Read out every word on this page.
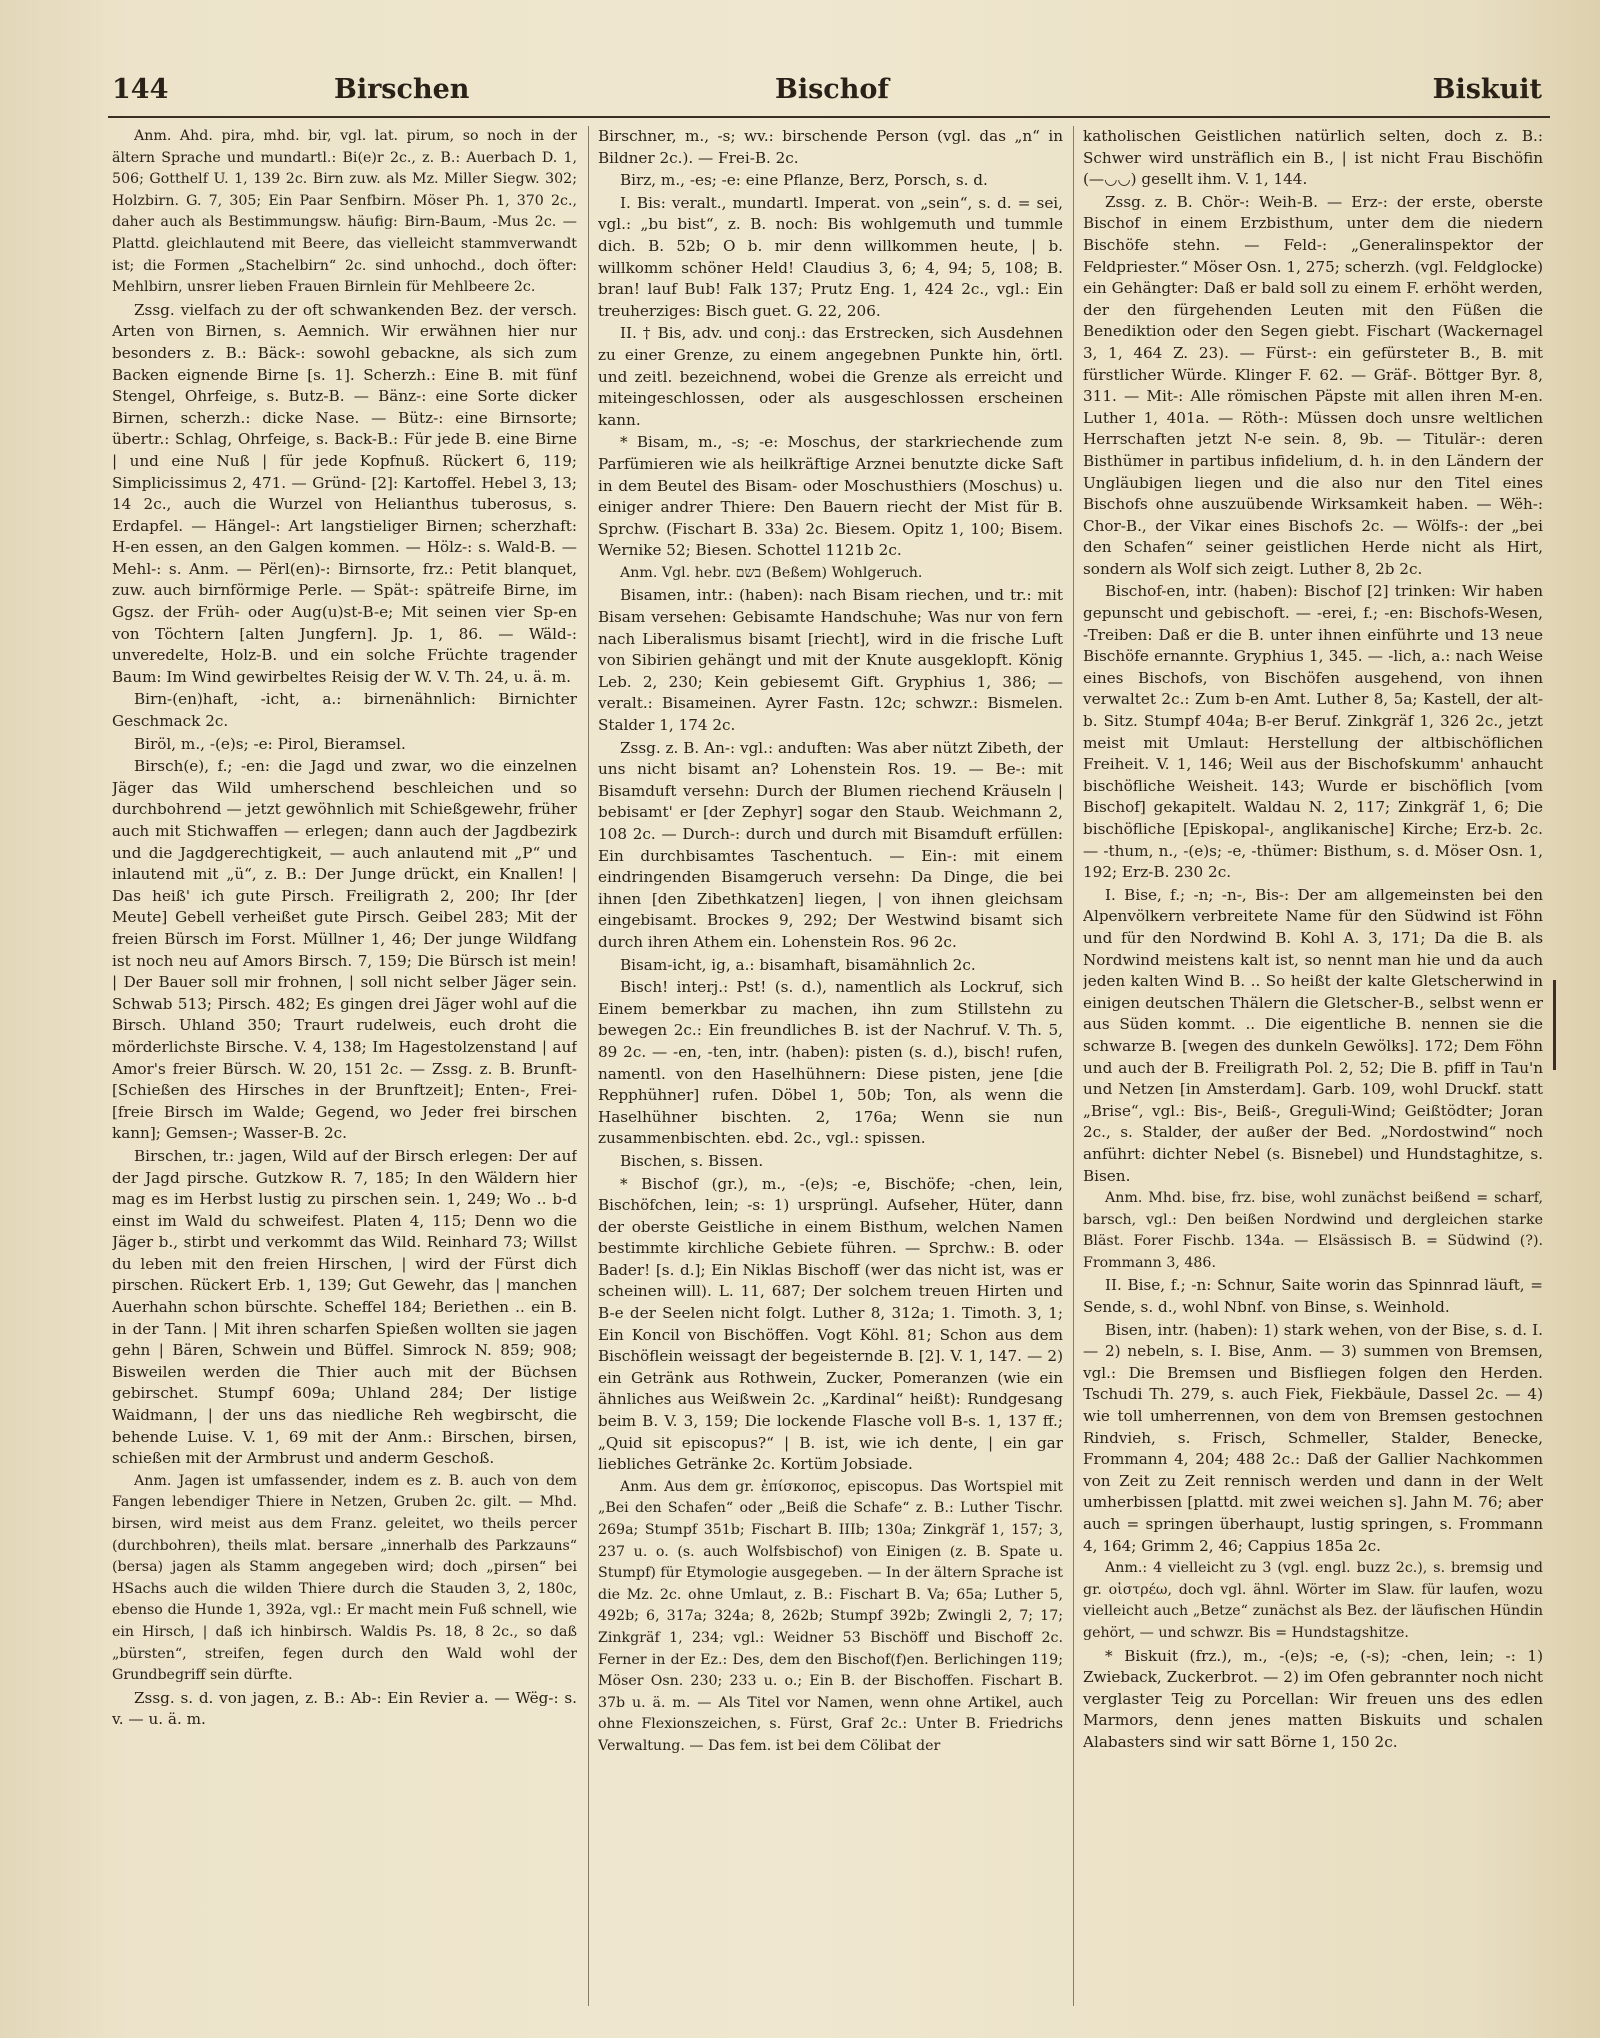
144	Birschen	Bischof	Biskuit

Anm. Ahd. pira, mhd. bir, vgl. lat. pirum, so noch in der ältern Sprache und mundartl.: Bi(e)r 2c., z. B.: Auerbach D. 1, 506; Gotthelf U. 1, 139 2c. Birn zuw. als Mz. Miller Siegw. 302; Holzbirn. G. 7, 305; Ein Paar Senfbirn. Möser Ph. 1, 370 2c., daher auch als Bestimmungsw. häufig: Birn-Baum, -Mus 2c. — Plattd. gleichlautend mit Beere, das vielleicht stammverwandt ist; die Formen „Stachelbirn“ 2c. sind unhochd., doch öfter: Mehlbirn, unsrer lieben Frauen Birnlein für Mehlbeere 2c.

Zssg. vielfach zu der oft schwankenden Bez. der versch. Arten von Birnen, s. Aemnich. Wir erwähnen hier nur besonders z. B.: Bäck-: sowohl gebackne, als sich zum Backen eignende Birne [s. 1]. Scherzh.: Eine B. mit fünf Stengel, Ohrfeige, s. Butz-B. — Bänz-: eine Sorte dicker Birnen, scherzh.: dicke Nase. — Bütz-: eine Birnsorte; übertr.: Schlag, Ohrfeige, s. Back-B.: Für jede B. eine Birne | und eine Nuß | für jede Kopfnuß. Rückert 6, 119; Simplicissimus 2, 471. — Gründ- [2]: Kartoffel. Hebel 3, 13; 14 2c., auch die Wurzel von Helianthus tuberosus, s. Erdapfel. — Hängel-: Art langstieliger Birnen; scherzhaft: H-en essen, an den Galgen kommen. — Hölz-: s. Wald-B. — Mehl-: s. Anm. — Përl(en)-: Birnsorte, frz.: Petit blanquet, zuw. auch birnförmige Perle. — Spät-: spätreife Birne, im Ggsz. der Früh- oder Aug(u)st-B-e; Mit seinen vier Sp-en von Töchtern [alten Jungfern]. Jp. 1, 86. — Wäld-: unveredelte, Holz-B. und ein solche Früchte tragender Baum: Im Wind gewirbeltes Reisig der W. V. Th. 24, u. ä. m.

Birn-(en)haft, -icht, a.: birnenähnlich: Birnichter Geschmack 2c.

Biröl, m., -(e)s; -e: Pirol, Bieramsel.

Birsch(e), f.; -en: die Jagd und zwar, wo die einzelnen Jäger das Wild umherschend beschleichen und so durchbohrend — jetzt gewöhnlich mit Schießgewehr, früher auch mit Stichwaffen — erlegen; dann auch der Jagdbezirk und die Jagdgerechtigkeit, — auch anlautend mit „P“ und inlautend mit „ü“, z. B.: Der Junge drückt, ein Knallen! | Das heiß' ich gute Pirsch. Freiligrath 2, 200; Ihr [der Meute] Gebell verheißet gute Pirsch. Geibel 283; Mit der freien Bürsch im Forst. Müllner 1, 46; Der junge Wildfang ist noch neu auf Amors Birsch. 7, 159; Die Bürsch ist mein! | Der Bauer soll mir frohnen, | soll nicht selber Jäger sein. Schwab 513; Pirsch. 482; Es gingen drei Jäger wohl auf die Birsch. Uhland 350; Traurt rudelweis, euch droht die mörderlichste Birsche. V. 4, 138; Im Hagestolzenstand | auf Amor's freier Bürsch. W. 20, 151 2c. — Zssg. z. B. Brunft- [Schießen des Hirsches in der Brunftzeit]; Enten-, Frei- [freie Birsch im Walde; Gegend, wo Jeder frei birschen kann]; Gemsen-; Wasser-B. 2c.

Birschen, tr.: jagen, Wild auf der Birsch erlegen: Der auf der Jagd pirsche. Gutzkow R. 7, 185; In den Wäldern hier mag es im Herbst lustig zu pirschen sein. 1, 249; Wo .. b-d einst im Wald du schweifest. Platen 4, 115; Denn wo die Jäger b., stirbt und verkommt das Wild. Reinhard 73; Willst du leben mit den freien Hirschen, | wird der Fürst dich pirschen. Rückert Erb. 1, 139; Gut Gewehr, das | manchen Auerhahn schon bürschte. Scheffel 184; Beriethen .. ein B. in der Tann. | Mit ihren scharfen Spießen wollten sie jagen gehn | Bären, Schwein und Büffel. Simrock N. 859; 908; Bisweilen werden die Thier auch mit der Büchsen gebirschet. Stumpf 609a; Uhland 284; Der listige Waidmann, | der uns das niedliche Reh wegbirscht, die behende Luise. V. 1, 69 mit der Anm.: Birschen, birsen, schießen mit der Armbrust und anderm Geschoß.

Anm. Jagen ist umfassender, indem es z. B. auch von dem Fangen lebendiger Thiere in Netzen, Gruben 2c. gilt. — Mhd. birsen, wird meist aus dem Franz. geleitet, wo theils percer (durchbohren), theils mlat. bersare „innerhalb des Parkzauns“ (bersa) jagen als Stamm angegeben wird; doch „pirsen“ bei HSachs auch die wilden Thiere durch die Stauden 3, 2, 180c, ebenso die Hunde 1, 392a, vgl.: Er macht mein Fuß schnell, wie ein Hirsch, | daß ich hinbirsch. Waldis Ps. 18, 8 2c., so daß „bürsten“, streifen, fegen durch den Wald wohl der Grundbegriff sein dürfte.

Zssg. s. d. von jagen, z. B.: Ab-: Ein Revier a. — Wëg-: s. v. — u. ä. m.

Birschner, m., -s; wv.: birschende Person (vgl. das „n“ in Bildner 2c.). — Frei-B. 2c.

Birz, m., -es; -e: eine Pflanze, Berz, Porsch, s. d.

I. Bis: veralt., mundartl. Imperat. von „sein“, s. d. = sei, vgl.: „bu bist“, z. B. noch: Bis wohlgemuth und tummle dich. B. 52b; O b. mir denn willkommen heute, | b. willkomm schöner Held! Claudius 3, 6; 4, 94; 5, 108; B. bran! lauf Bub! Falk 137; Prutz Eng. 1, 424 2c., vgl.: Ein treuherziges: Bisch guet. G. 22, 206.

II. † Bis, adv. und conj.: das Erstrecken, sich Ausdehnen zu einer Grenze, zu einem angegebnen Punkte hin, örtl. und zeitl. bezeichnend, wobei die Grenze als erreicht und miteingeschlossen, oder als ausgeschlossen erscheinen kann.

* Bisam, m., -s; -e: Moschus, der starkriechende zum Parfümieren wie als heilkräftige Arznei benutzte dicke Saft in dem Beutel des Bisam- oder Moschusthiers (Moschus) u. einiger andrer Thiere: Den Bauern riecht der Mist für B. Sprchw. (Fischart B. 33a) 2c. Biesem. Opitz 1, 100; Bisem. Wernike 52; Biesen. Schottel 1121b 2c.

Anm. Vgl. hebr. בשם (Beßem) Wohlgeruch.

Bisamen, intr.: (haben): nach Bisam riechen, und tr.: mit Bisam versehen: Gebisamte Handschuhe; Was nur von fern nach Liberalismus bisamt [riecht], wird in die frische Luft von Sibirien gehängt und mit der Knute ausgeklopft. König Leb. 2, 230; Kein gebiesemt Gift. Gryphius 1, 386; — veralt.: Bisameinen. Ayrer Fastn. 12c; schwzr.: Bismelen. Stalder 1, 174 2c.

Zssg. z. B. An-: vgl.: anduften: Was aber nützt Zibeth, der uns nicht bisamt an? Lohenstein Ros. 19. — Be-: mit Bisamduft versehn: Durch der Blumen riechend Kräuseln | bebisamt' er [der Zephyr] sogar den Staub. Weichmann 2, 108 2c. — Durch-: durch und durch mit Bisamduft erfüllen: Ein durchbisamtes Taschentuch. — Ein-: mit einem eindringenden Bisamgeruch versehn: Da Dinge, die bei ihnen [den Zibethkatzen] liegen, | von ihnen gleichsam eingebisamt. Brockes 9, 292; Der Westwind bisamt sich durch ihren Athem ein. Lohenstein Ros. 96 2c.

Bisam-icht, ig, a.: bisamhaft, bisamähnlich 2c.

Bisch! interj.: Pst! (s. d.), namentlich als Lockruf, sich Einem bemerkbar zu machen, ihn zum Stillstehn zu bewegen 2c.: Ein freundliches B. ist der Nachruf. V. Th. 5, 89 2c. — -en, -ten, intr. (haben): pisten (s. d.), bisch! rufen, namentl. von den Haselhühnern: Diese pisten, jene [die Repphühner] rufen. Döbel 1, 50b; Ton, als wenn die Haselhühner bischten. 2, 176a; Wenn sie nun zusammenbischten. ebd. 2c., vgl.: spissen.

Bischen, s. Bissen.

* Bischof (gr.), m., -(e)s; -e, Bischöfe; -chen, lein, Bischöfchen, lein; -s: 1) ursprüngl. Aufseher, Hüter, dann der oberste Geistliche in einem Bisthum, welchen Namen bestimmte kirchliche Gebiete führen. — Sprchw.: B. oder Bader! [s. d.]; Ein Niklas Bischoff (wer das nicht ist, was er scheinen will). L. 11, 687; Der solchem treuen Hirten und B-e der Seelen nicht folgt. Luther 8, 312a; 1. Timoth. 3, 1; Ein Koncil von Bischöffen. Vogt Köhl. 81; Schon aus dem Bischöflein weissagt der begeisternde B. [2]. V. 1, 147. — 2) ein Getränk aus Rothwein, Zucker, Pomeranzen (wie ein ähnliches aus Weißwein 2c. „Kardinal“ heißt): Rundgesang beim B. V. 3, 159; Die lockende Flasche voll B-s. 1, 137 ff.; „Quid sit episcopus?“ | B. ist, wie ich dente, | ein gar liebliches Getränke 2c. Kortüm Jobsiade.

Anm. Aus dem gr. ἐπίσκοπος, episcopus. Das Wortspiel mit „Bei den Schafen“ oder „Beiß die Schafe“ z. B.: Luther Tischr. 269a; Stumpf 351b; Fischart B. IIIb; 130a; Zinkgräf 1, 157; 3, 237 u. o. (s. auch Wolfsbischof) von Einigen (z. B. Spate u. Stumpf) für Etymologie ausgegeben. — In der ältern Sprache ist die Mz. 2c. ohne Umlaut, z. B.: Fischart B. Va; 65a; Luther 5, 492b; 6, 317a; 324a; 8, 262b; Stumpf 392b; Zwingli 2, 7; 17; Zinkgräf 1, 234; vgl.: Weidner 53 Bischöff und Bischoff 2c. Ferner in der Ez.: Des, dem den Bischof(f)en. Berlichingen 119; Möser Osn. 230; 233 u. o.; Ein B. der Bischoffen. Fischart B. 37b u. ä. m. — Als Titel vor Namen, wenn ohne Artikel, auch ohne Flexionszeichen, s. Fürst, Graf 2c.: Unter B. Friedrichs Verwaltung. — Das fem. ist bei dem Cölibat der

katholischen Geistlichen natürlich selten, doch z. B.: Schwer wird unsträflich ein B., | ist nicht Frau Bischöfin (—◡◡) gesellt ihm. V. 1, 144.

Zssg. z. B. Chör-: Weih-B. — Erz-: der erste, oberste Bischof in einem Erzbisthum, unter dem die niedern Bischöfe stehn. — Feld-: „Generalinspektor der Feldpriester.“ Möser Osn. 1, 275; scherzh. (vgl. Feldglocke) ein Gehängter: Daß er bald soll zu einem F. erhöht werden, der den fürgehenden Leuten mit den Füßen die Benediktion oder den Segen giebt. Fischart (Wackernagel 3, 1, 464 Z. 23). — Fürst-: ein gefürsteter B., B. mit fürstlicher Würde. Klinger F. 62. — Gräf-. Böttger Byr. 8, 311. — Mit-: Alle römischen Päpste mit allen ihren M-en. Luther 1, 401a. — Röth-: Müssen doch unsre weltlichen Herrschaften jetzt N-e sein. 8, 9b. — Titulär-: deren Bisthümer in partibus infidelium, d. h. in den Ländern der Ungläubigen liegen und die also nur den Titel eines Bischofs ohne auszuübende Wirksamkeit haben. — Wëh-: Chor-B., der Vikar eines Bischofs 2c. — Wölfs-: der „bei den Schafen“ seiner geistlichen Herde nicht als Hirt, sondern als Wolf sich zeigt. Luther 8, 2b 2c.

Bischof-en, intr. (haben): Bischof [2] trinken: Wir haben gepunscht und gebischoft. — -erei, f.; -en: Bischofs-Wesen, -Treiben: Daß er die B. unter ihnen einführte und 13 neue Bischöfe ernannte. Gryphius 1, 345. — -lich, a.: nach Weise eines Bischofs, von Bischöfen ausgehend, von ihnen verwaltet 2c.: Zum b-en Amt. Luther 8, 5a; Kastell, der alt-b. Sitz. Stumpf 404a; B-er Beruf. Zinkgräf 1, 326 2c., jetzt meist mit Umlaut: Herstellung der altbischöflichen Freiheit. V. 1, 146; Weil aus der Bischofskumm' anhaucht bischöfliche Weisheit. 143; Wurde er bischöflich [vom Bischof] gekapitelt. Waldau N. 2, 117; Zinkgräf 1, 6; Die bischöfliche [Episkopal-, anglikanische] Kirche; Erz-b. 2c. — -thum, n., -(e)s; -e, -thümer: Bisthum, s. d. Möser Osn. 1, 192; Erz-B. 230 2c.

I. Bise, f.; -n; -n-, Bis-: Der am allgemeinsten bei den Alpenvölkern verbreitete Name für den Südwind ist Föhn und für den Nordwind B. Kohl A. 3, 171; Da die B. als Nordwind meistens kalt ist, so nennt man hie und da auch jeden kalten Wind B. .. So heißt der kalte Gletscherwind in einigen deutschen Thälern die Gletscher-B., selbst wenn er aus Süden kommt. .. Die eigentliche B. nennen sie die schwarze B. [wegen des dunkeln Gewölks]. 172; Dem Föhn und auch der B. Freiligrath Pol. 2, 52; Die B. pfiff in Tau'n und Netzen [in Amsterdam]. Garb. 109, wohl Druckf. statt „Brise“, vgl.: Bis-, Beiß-, Greguli-Wind; Geißtödter; Joran 2c., s. Stalder, der außer der Bed. „Nordostwind“ noch anführt: dichter Nebel (s. Bisnebel) und Hundstaghitze, s. Bisen.

Anm. Mhd. bise, frz. bise, wohl zunächst beißend = scharf, barsch, vgl.: Den beißen Nordwind und dergleichen starke Bläst. Forer Fischb. 134a. — Elsässisch B. = Südwind (?). Frommann 3, 486.

II. Bise, f.; -n: Schnur, Saite worin das Spinnrad läuft, = Sende, s. d., wohl Nbnf. von Binse, s. Weinhold.

Bisen, intr. (haben): 1) stark wehen, von der Bise, s. d. I. — 2) nebeln, s. I. Bise, Anm. — 3) summen von Bremsen, vgl.: Die Bremsen und Bisfliegen folgen den Herden. Tschudi Th. 279, s. auch Fiek, Fiekbäule, Dassel 2c. — 4) wie toll umherrennen, von dem von Bremsen gestochnen Rindvieh, s. Frisch, Schmeller, Stalder, Benecke, Frommann 4, 204; 488 2c.: Daß der Gallier Nachkommen von Zeit zu Zeit rennisch werden und dann in der Welt umherbissen [plattd. mit zwei weichen s]. Jahn M. 76; aber auch = springen überhaupt, lustig springen, s. Frommann 4, 164; Grimm 2, 46; Cappius 185a 2c.

Anm.: 4 vielleicht zu 3 (vgl. engl. buzz 2c.), s. bremsig und gr. οἰστρέω, doch vgl. ähnl. Wörter im Slaw. für laufen, wozu vielleicht auch „Betze“ zunächst als Bez. der läufischen Hündin gehört, — und schwzr. Bis = Hundstagshitze.

* Biskuit (frz.), m., -(e)s; -e, (-s); -chen, lein; -: 1) Zwieback, Zuckerbrot. — 2) im Ofen gebrannter noch nicht verglaster Teig zu Porcellan: Wir freuen uns des edlen Marmors, denn jenes matten Biskuits und schalen Alabasters sind wir satt Börne 1, 150 2c.
